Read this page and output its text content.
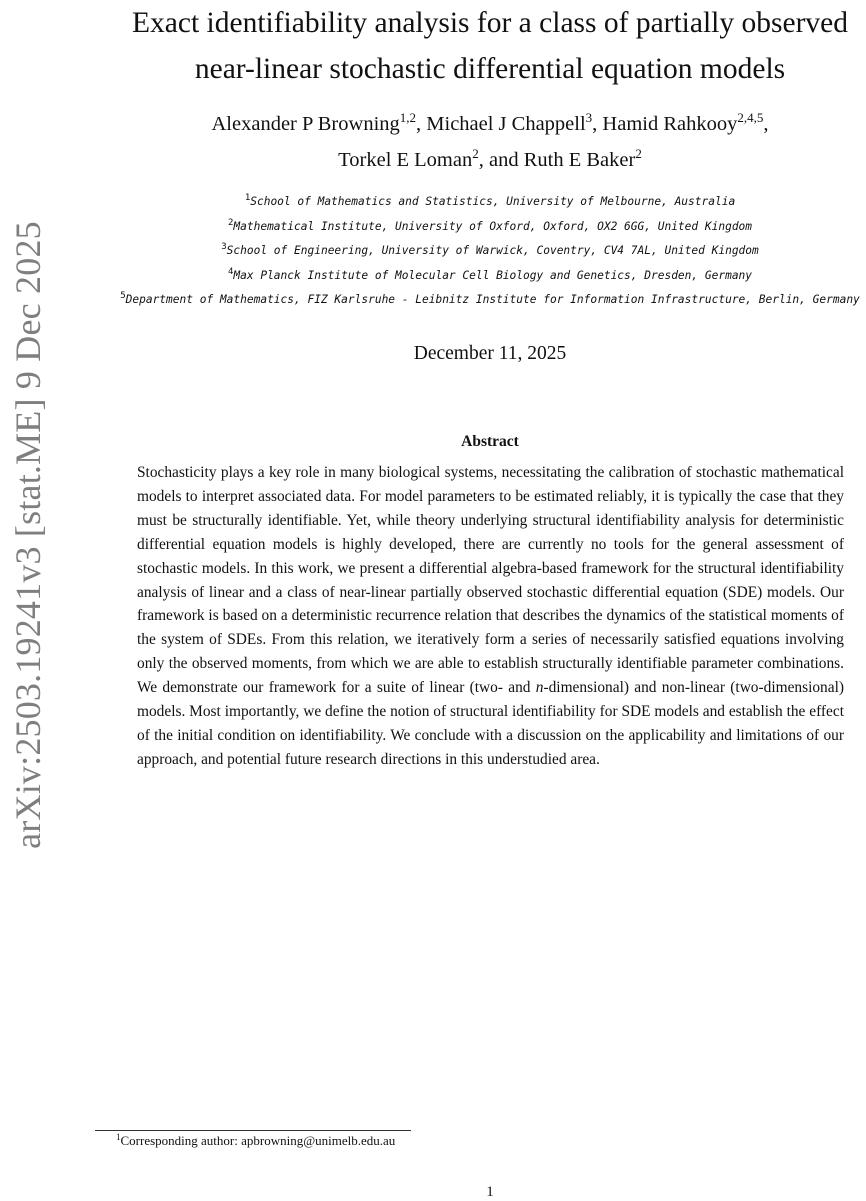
arXiv:2503.19241v3 [stat.ME] 9 Dec 2025
Exact identifiability analysis for a class of partially observed
near-linear stochastic differential equation models
Alexander P Browning$^{1,2}$, Michael J Chappell$^3$, Hamid Rahkooy$^{2,4,5}$,
Torkel E Loman$^2$, and Ruth E Baker$^2$
$^1$School of Mathematics and Statistics, University of Melbourne, Australia
$^2$Mathematical Institute, University of Oxford, Oxford, OX2 6GG, United Kingdom
$^3$School of Engineering, University of Warwick, Coventry, CV4 7AL, United Kingdom
$^4$Max Planck Institute of Molecular Cell Biology and Genetics, Dresden, Germany
$^5$Department of Mathematics, FIZ Karlsruhe - Leibnitz Institute for Information Infrastructure, Berlin, Germany
December 11, 2025
Abstract

Stochasticity plays a key role in many biological systems, necessitating the calibration of stochastic mathematical models to interpret associated data. For model parameters to be estimated reliably, it is typically the case that they must be structurally identifiable. Yet, while theory underlying structural identifiability analysis for deterministic differential equation models is highly developed, there are currently no tools for the general assessment of stochastic models. In this work, we present a differential algebra-based framework for the structural identifiability analysis of linear and a class of near-linear partially observed stochastic differential equation (SDE) models. Our framework is based on a deterministic recurrence relation that describes the dynamics of the statistical moments of the system of SDEs. From this relation, we iteratively form a series of necessarily satisfied equations involving only the observed moments, from which we are able to establish structurally identifiable parameter combinations. We demonstrate our framework for a suite of linear (two- and n-dimensional) and non-linear (two-dimensional) models. Most importantly, we define the notion of structural identifiability for SDE models and establish the effect of the initial condition on identifiability. We conclude with a discussion on the applicability and limitations of our approach, and potential future research directions in this understudied area.

$^1$Corresponding author: apbrowning@unimelb.edu.au
1
